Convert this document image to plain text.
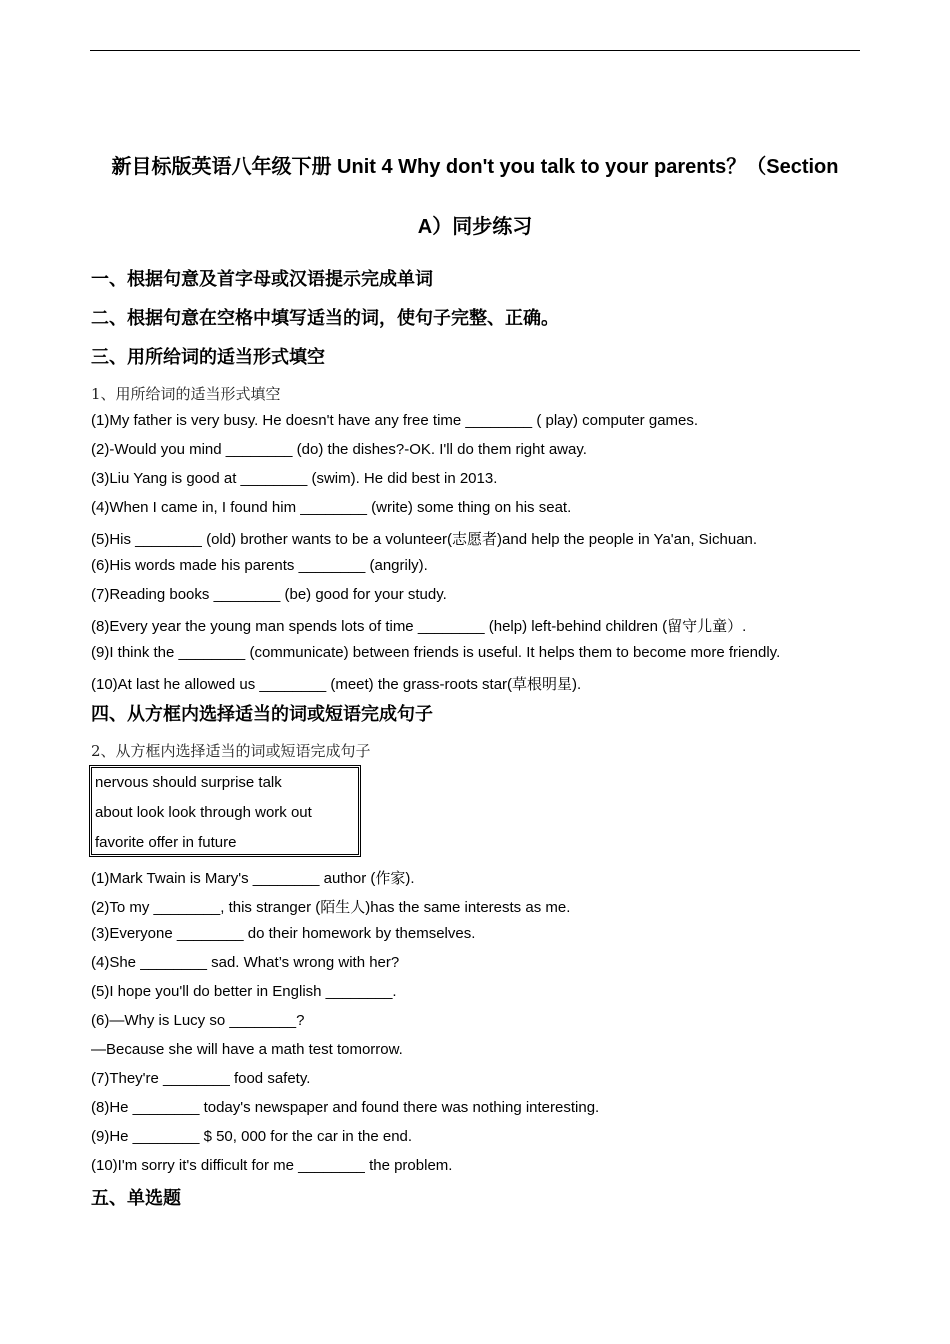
新目标版英语八年级下册 Unit 4 Why don't you talk to your parents？（Section
A）同步练习
一、根据句意及首字母或汉语提示完成单词
二、根据句意在空格中填写适当的词，使句子完整、正确。
三、用所给词的适当形式填空
1、用所给词的适当形式填空
(1)My father is very busy. He doesn't have any free time ________ ( play) computer games.
(2)-Would you mind ________ (do) the dishes?-OK. I'll do them right away.
(3)Liu Yang is good at ________ (swim). He did best in 2013.
(4)When I came in, I found him ________ (write) some thing on his seat.
(5)His ________ (old) brother wants to be a volunteer(志愿者)and help the people in Ya'an, Sichuan.
(6)His words made his parents ________ (angrily).
(7)Reading books ________ (be) good for your study.
(8)Every year the young man spends lots of time ________ (help) left-behind children (留守儿童）.
(9)I think the ________ (communicate) between friends is useful. It helps them to become more friendly.
(10)At last he allowed us ________ (meet) the grass-roots star(草根明星).
四、从方框内选择适当的词或短语完成句子
2、从方框内选择适当的词或短语完成句子
nervous should surprise talk
about look look through work out
favorite offer in future
(1)Mark Twain is Mary's ________ author (作家).
(2)To my ________, this stranger (陌生人)has the same interests as me.
(3)Everyone ________ do their homework by themselves.
(4)She ________ sad. What’s wrong with her?
(5)I hope you'll do better in English ________.
(6)—Why is Lucy so ________?
—Because she will have a math test tomorrow.
(7)They're ________ food safety.
(8)He ________ today's newspaper and found there was nothing interesting.
(9)He ________ $ 50, 000 for the car in the end.
(10)I'm sorry it's difficult for me ________ the problem.
五、单选题
